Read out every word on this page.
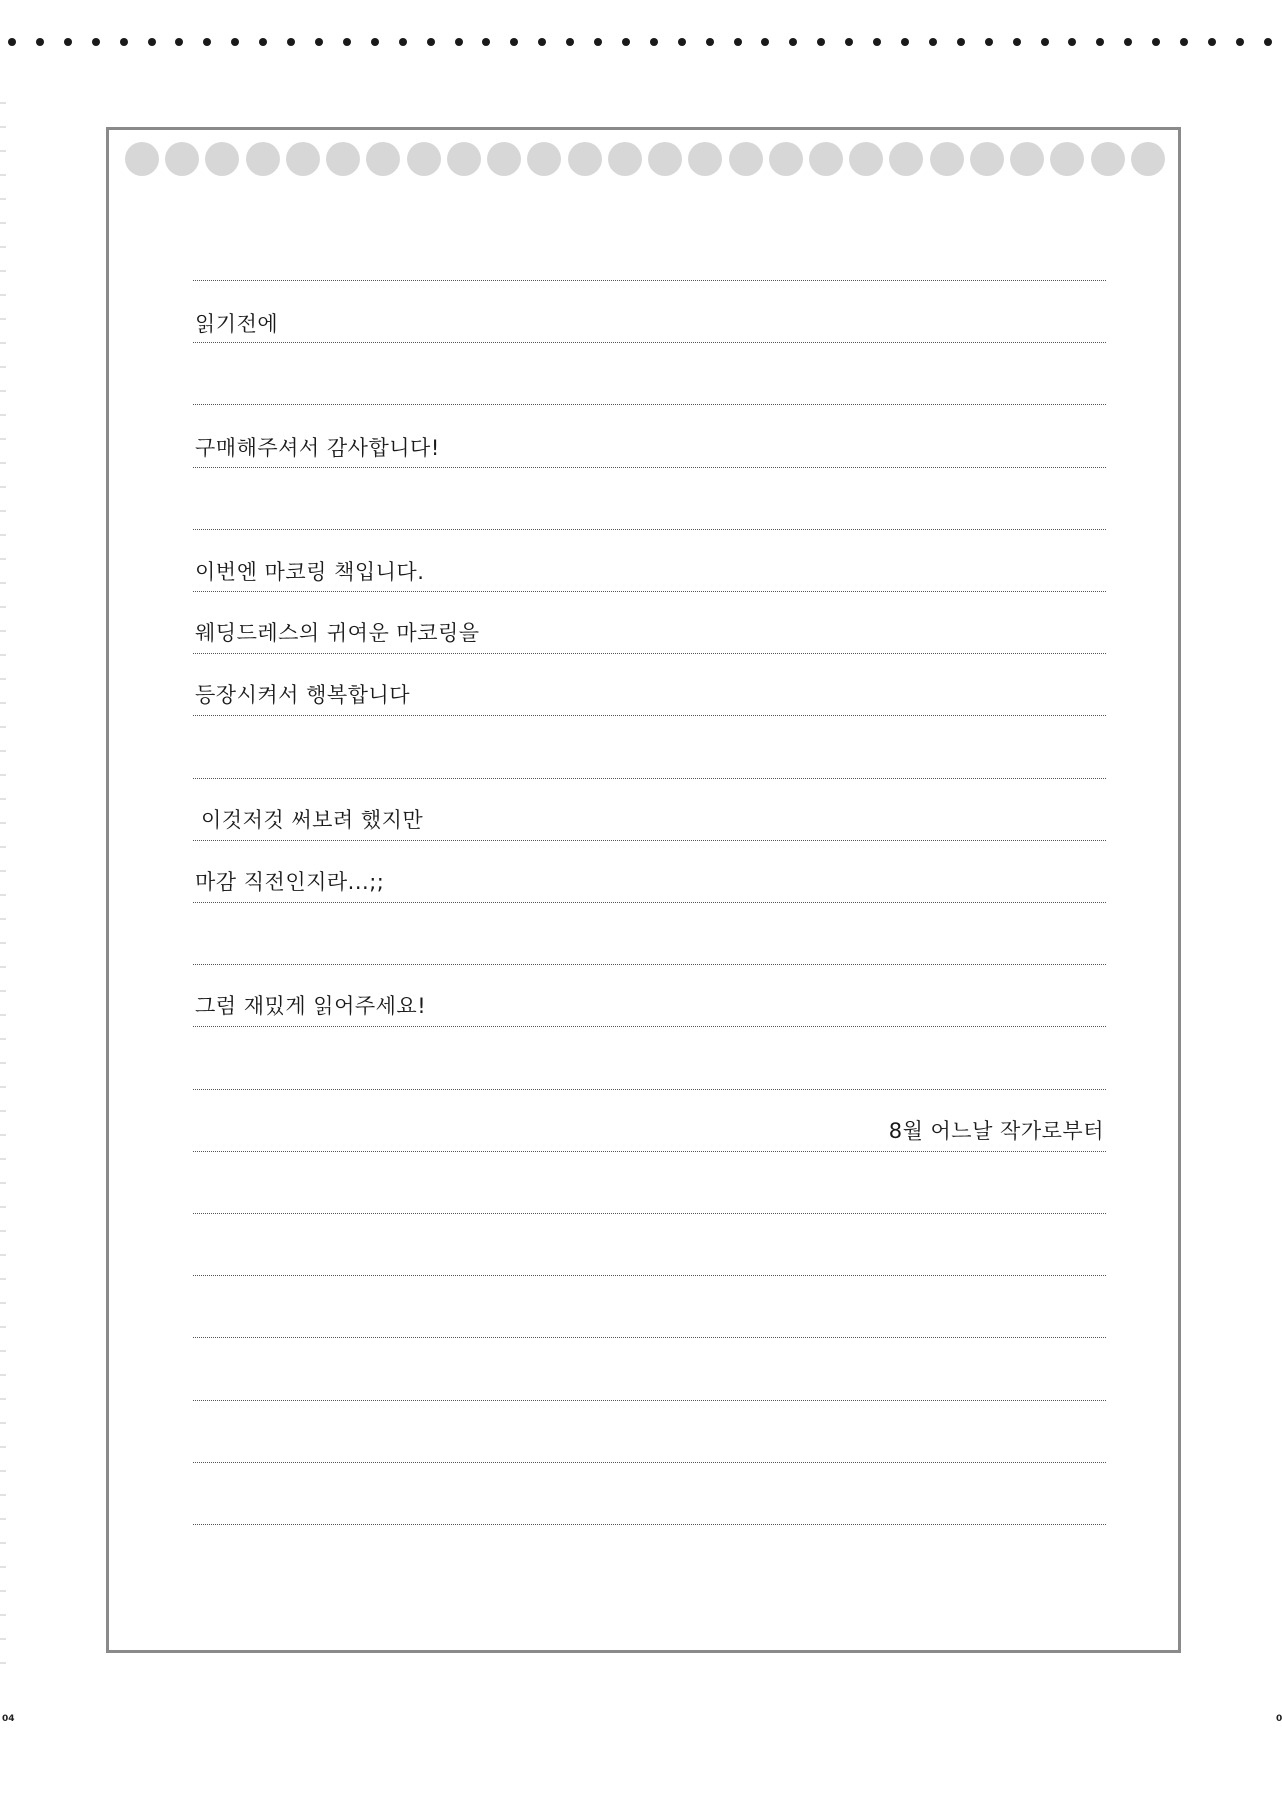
읽기전에
구매해주셔서 감사합니다!
이번엔 마코링 책입니다.
웨딩드레스의 귀여운 마코링을
등장시켜서 행복합니다
이것저것 써보려 했지만
마감 직전인지라...;;
그럼 재밌게 읽어주세요!
8월 어느날 작가로부터
04	0
